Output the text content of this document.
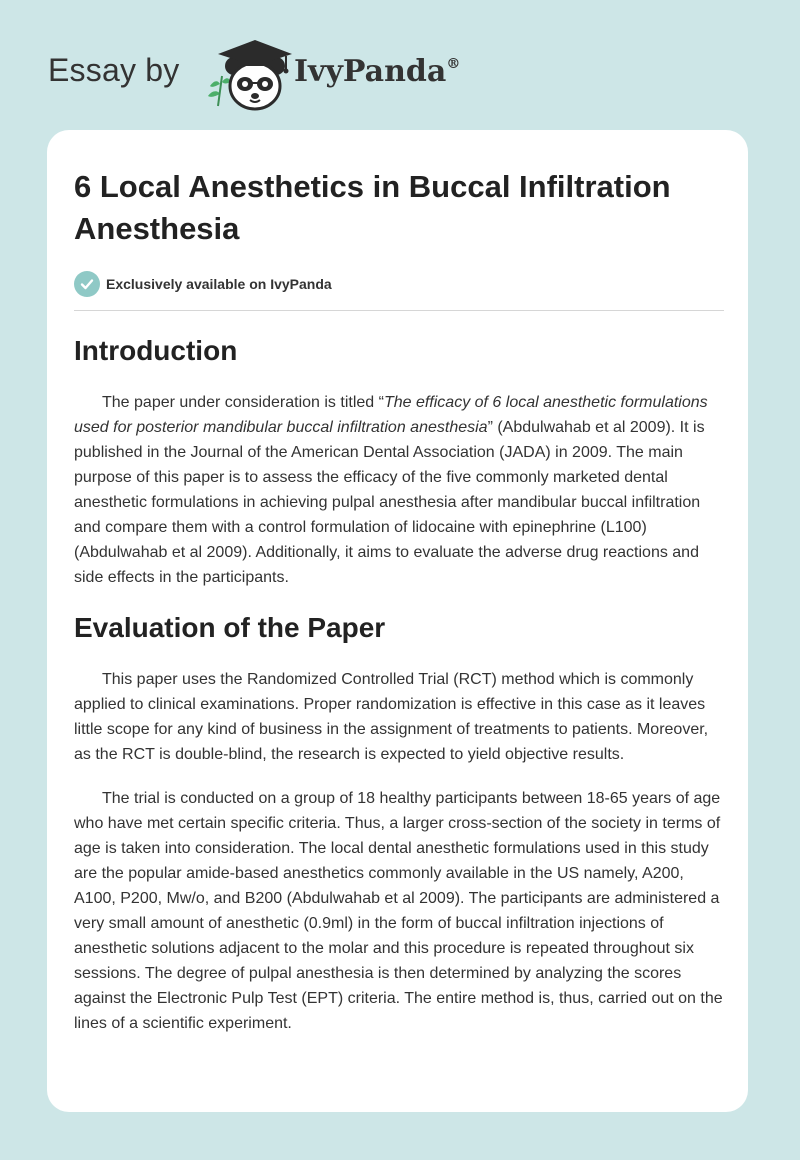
Essay by	IvyPanda®
6 Local Anesthetics in Buccal Infiltration Anesthesia
Exclusively available on IvyPanda
Introduction

The paper under consideration is titled “The efficacy of 6 local anesthetic formulations used for posterior mandibular buccal infiltration anesthesia” (Abdulwahab et al 2009). It is published in the Journal of the American Dental Association (JADA) in 2009. The main purpose of this paper is to assess the efficacy of the five commonly marketed dental anesthetic formulations in achieving pulpal anesthesia after mandibular buccal infiltration and compare them with a control formulation of lidocaine with epinephrine (L100) (Abdulwahab et al 2009). Additionally, it aims to evaluate the adverse drug reactions and side effects in the participants.

Evaluation of the Paper

This paper uses the Randomized Controlled Trial (RCT) method which is commonly applied to clinical examinations. Proper randomization is effective in this case as it leaves little scope for any kind of business in the assignment of treatments to patients. Moreover, as the RCT is double-blind, the research is expected to yield objective results.

The trial is conducted on a group of 18 healthy participants between 18-65 years of age who have met certain specific criteria. Thus, a larger cross-section of the society in terms of age is taken into consideration. The local dental anesthetic formulations used in this study are the popular amide-based anesthetics commonly available in the US namely, A200, A100, P200, Mw/o, and B200 (Abdulwahab et al 2009). The participants are administered a very small amount of anesthetic (0.9ml) in the form of buccal infiltration injections of anesthetic solutions adjacent to the molar and this procedure is repeated throughout six sessions. The degree of pulpal anesthesia is then determined by analyzing the scores against the Electronic Pulp Test (EPT) criteria. The entire method is, thus, carried out on the lines of a scientific experiment.
